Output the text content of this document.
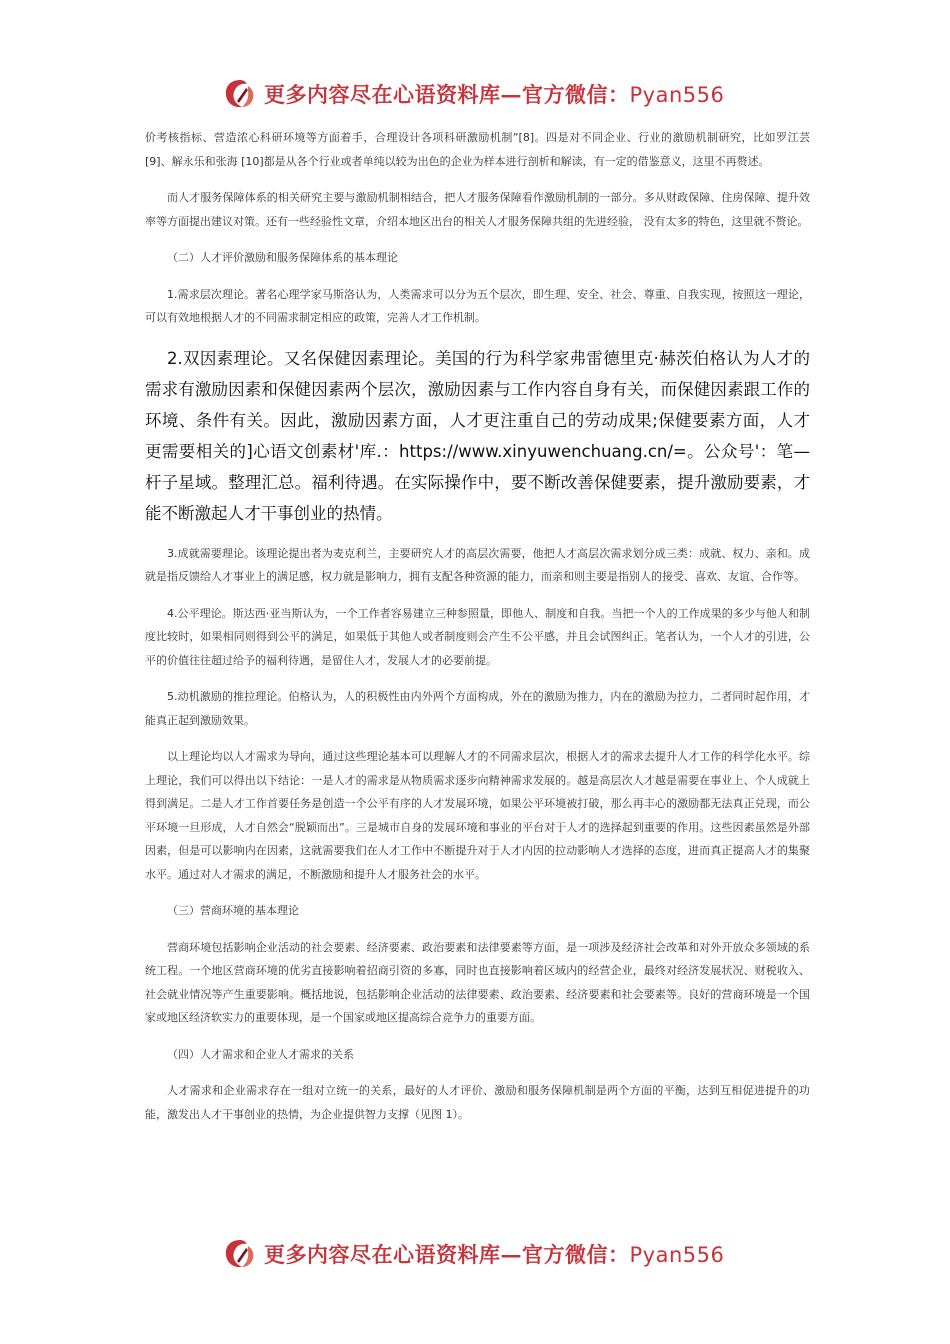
更多内容尽在心语资料库—官方微信：Pyan556

价考核指标、营造浓心科研环境等方面着手，合理设计各项科研激励机制”[8]。四是对不同企业、行业的激励机制研究，比如罗江芸 [9]、解永乐和张海 [10]都是从各个行业或者单纯以较为出色的企业为样本进行剖析和解读，有一定的借鉴意义，这里不再赘述。

而人才服务保障体系的相关研究主要与激励机制相结合，把人才服务保障看作激励机制的一部分。多从财政保障、住房保障、提升效率等方面提出建议对策。还有一些经验性文章，介绍本地区出台的相关人才服务保障共组的先进经验， 没有太多的特色，这里就不赘论。

（二）人才评价激励和服务保障体系的基本理论

1.需求层次理论。著名心理学家马斯洛认为，人类需求可以分为五个层次，即生理、安全、社会、尊重、自我实现，按照这一理论，可以有效地根据人才的不同需求制定相应的政策，完善人才工作机制。

2.双因素理论。又名保健因素理论。美国的行为科学家弗雷德里克·赫茨伯格认为人才的需求有激励因素和保健因素两个层次，激励因素与工作内容自身有关，而保健因素跟工作的环境、条件有关。因此，激励因素方面，人才更注重自己的劳动成果;保健要素方面，人才更需要相关的]心语文创素材'库.：https://www.xinyuwenchuang.cn/=。公众号'：笔—杆子星域。整理汇总。福利待遇。在实际操作中，要不断改善保健要素，提升激励要素，才能不断激起人才干事创业的热情。

3.成就需要理论。该理论提出者为麦克利兰，主要研究人才的高层次需要，他把人才高层次需求划分成三类：成就、权力、亲和。成就是指反馈给人才事业上的满足感，权力就是影响力，拥有支配各种资源的能力，而亲和则主要是指别人的接受、喜欢、友谊、合作等。

4.公平理论。斯达西·亚当斯认为，一个工作者容易建立三种参照量，即他人、制度和自我。当把一个人的工作成果的多少与他人和制度比较时，如果相同则得到公平的满足，如果低于其他人或者制度则会产生不公平感，并且会试图纠正。笔者认为，一个人才的引进，公平的价值往往超过给予的福利待遇，是留住人才，发展人才的必要前提。

5.动机激励的推拉理论。伯格认为，人的积极性由内外两个方面构成，外在的激励为推力，内在的激励为拉力，二者同时起作用，才能真正起到激励效果。

以上理论均以人才需求为导向，通过这些理论基本可以理解人才的不同需求层次，根据人才的需求去提升人才工作的科学化水平。综上理论，我们可以得出以下结论：一是人才的需求是从物质需求逐步向精神需求发展的。越是高层次人才越是需要在事业上、个人成就上得到满足。二是人才工作首要任务是创造一个公平有序的人才发展环境，如果公平环境被打破，那么再丰心的激励都无法真正兑现，而公平环境一旦形成，人才自然会“脱颖而出”。三是城市自身的发展环境和事业的平台对于人才的选择起到重要的作用。这些因素虽然是外部因素，但是可以影响内在因素，这就需要我们在人才工作中不断提升对于人才内因的拉动影响人才选择的态度，进而真正提高人才的集聚水平。通过对人才需求的满足，不断激励和提升人才服务社会的水平。

（三）营商环境的基本理论

营商环境包括影响企业活动的社会要素、经济要素、政治要素和法律要素等方面，是一项涉及经济社会改革和对外开放众多领域的系统工程。一个地区营商环境的优劣直接影响着招商引资的多寡，同时也直接影响着区域内的经营企业，最终对经济发展状况、财税收入、社会就业情况等产生重要影响。概括地说，包括影响企业活动的法律要素、政治要素、经济要素和社会要素等。良好的营商环境是一个国家或地区经济软实力的重要体现，是一个国家或地区提高综合竞争力的重要方面。

（四）人才需求和企业人才需求的关系

人才需求和企业需求存在一组对立统一的关系，最好的人才评价、激励和服务保障机制是两个方面的平衡，达到互相促进提升的功能，激发出人才干事创业的热情，为企业提供智力支撑（见图 1）。

更多内容尽在心语资料库—官方微信：Pyan556
